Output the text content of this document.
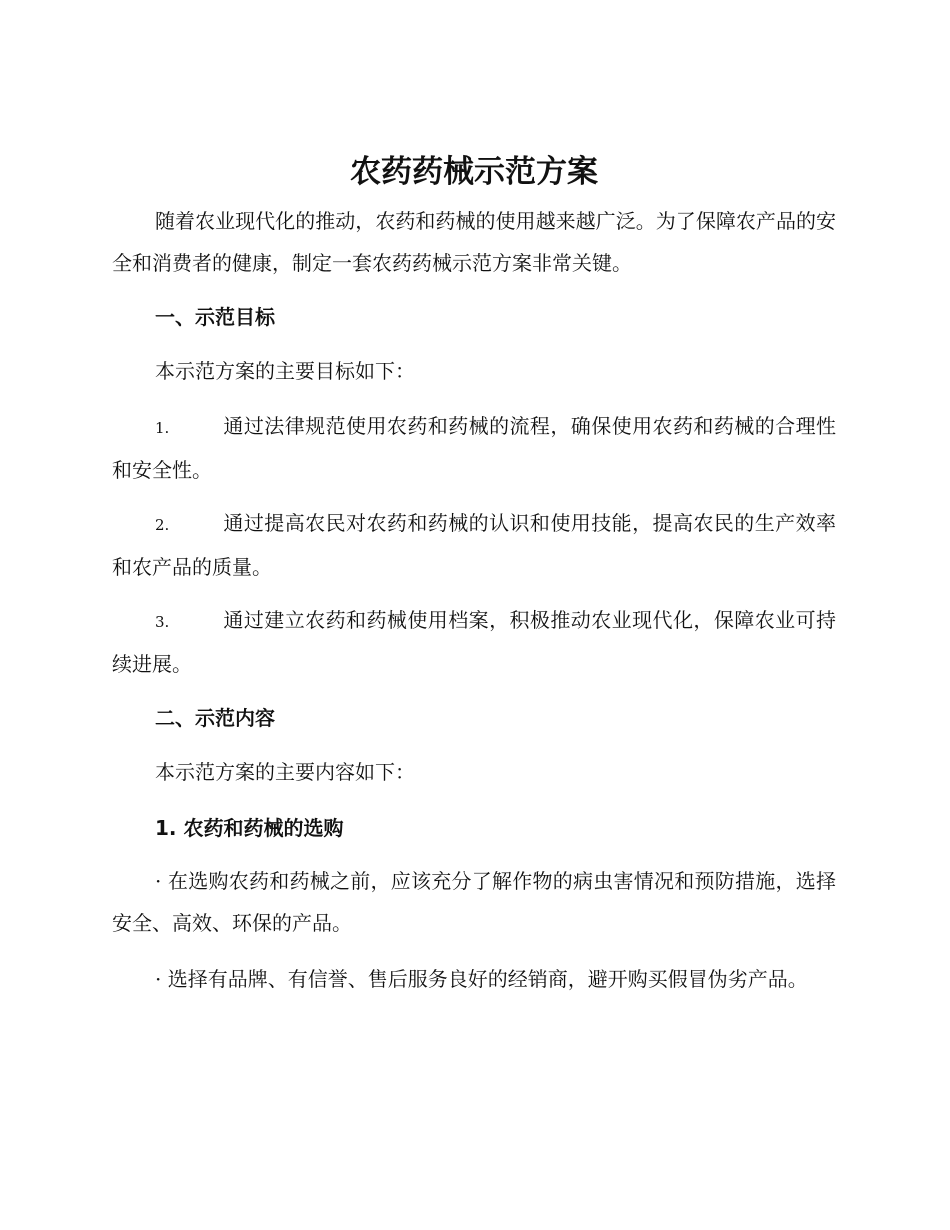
农药药械示范方案

随着农业现代化的推动，农药和药械的使用越来越广泛。为了保障农产品的安全和消费者的健康，制定一套农药药械示范方案非常关键。

一、示范目标

本示范方案的主要目标如下：

1.	通过法律规范使用农药和药械的流程，确保使用农药和药械的合理性和安全性。

2.	通过提高农民对农药和药械的认识和使用技能，提高农民的生产效率和农产品的质量。

3.	通过建立农药和药械使用档案，积极推动农业现代化，保障农业可持续进展。

二、示范内容

本示范方案的主要内容如下：

1. 农药和药械的选购

· 在选购农药和药械之前，应该充分了解作物的病虫害情况和预防措施，选择安全、高效、环保的产品。

· 选择有品牌、有信誉、售后服务良好的经销商，避开购买假冒伪劣产品。
